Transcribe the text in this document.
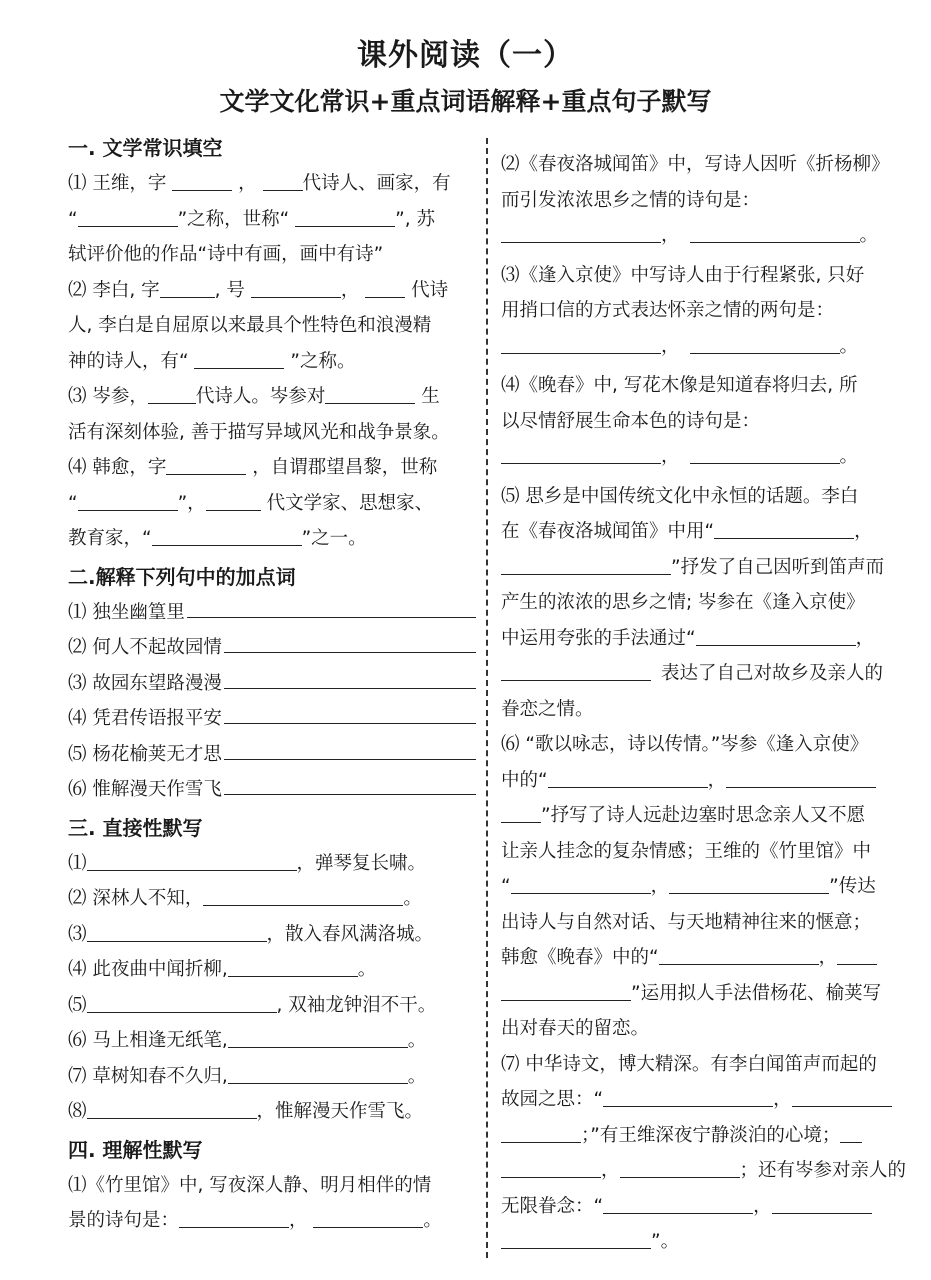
课外阅读（一）
文学文化常识+重点词语解释+重点句子默写
一. 文学常识填空
⑴ 王维，字	， 代诗人、画家，有
“	”之称，世称“	”, 苏
轼评价他的作品“诗中有画，画中有诗”
⑵ 李白, 字	, 号	，	代诗
人, 李白是自屈原以来最具个性特色和浪漫精
神的诗人，有“	”之称。
⑶ 岑参，	代诗人。岑参对	生
活有深刻体验, 善于描写异域风光和战争景象。
⑷ 韩愈，字	，自谓郡望昌黎，世称
“	”，	代文学家、思想家、
教育家，“	”之一。
二.解释下列句中的加点词
⑴ 独坐幽篁里
⑵ 何人不起故园情
⑶ 故园东望路漫漫
⑷ 凭君传语报平安
⑸ 杨花榆荚无才思
⑹ 惟解漫天作雪飞
三. 直接性默写
⑴	，弹琴复长啸。
⑵ 深林人不知，	。
⑶	，散入春风满洛城。
⑷ 此夜曲中闻折柳,	。
⑸	, 双袖龙钟泪不干。
⑹ 马上相逢无纸笔,	。
⑺ 草树知春不久归,	。
⑻	，惟解漫天作雪飞。
四. 理解性默写
⑴《竹里馆》中, 写夜深人静、明月相伴的情
景的诗句是：	，	。
⑵《春夜洛城闻笛》中，写诗人因听《折杨柳》
而引发浓浓思乡之情的诗句是：
，	。
⑶《逢入京使》中写诗人由于行程紧张, 只好
用捎口信的方式表达怀亲之情的两句是：
，	。
⑷《晚春》中, 写花木像是知道春将归去, 所
以尽情舒展生命本色的诗句是：
，	。
⑸ 思乡是中国传统文化中永恒的话题。李白
在《春夜洛城闻笛》中用“	，
”抒发了自己因听到笛声而
产生的浓浓的思乡之情; 岑参在《逢入京使》
中运用夸张的手法通过“	，
表达了自己对故乡及亲人的
眷恋之情。
⑹ “歌以咏志，诗以传情。”岑参《逢入京使》
中的“	，
”抒写了诗人远赴边塞时思念亲人又不愿
让亲人挂念的复杂情感；王维的《竹里馆》中
“	，	”传达
出诗人与自然对话、与天地精神往来的惬意；
韩愈《晚春》中的“	，
”运用拟人手法借杨花、榆荚写
出对春天的留恋。
⑺ 中华诗文，博大精深。有李白闻笛声而起的
故园之思：“	，
；”有王维深夜宁静淡泊的心境；
，	；还有岑参对亲人的
无限眷念：“	，
”。
